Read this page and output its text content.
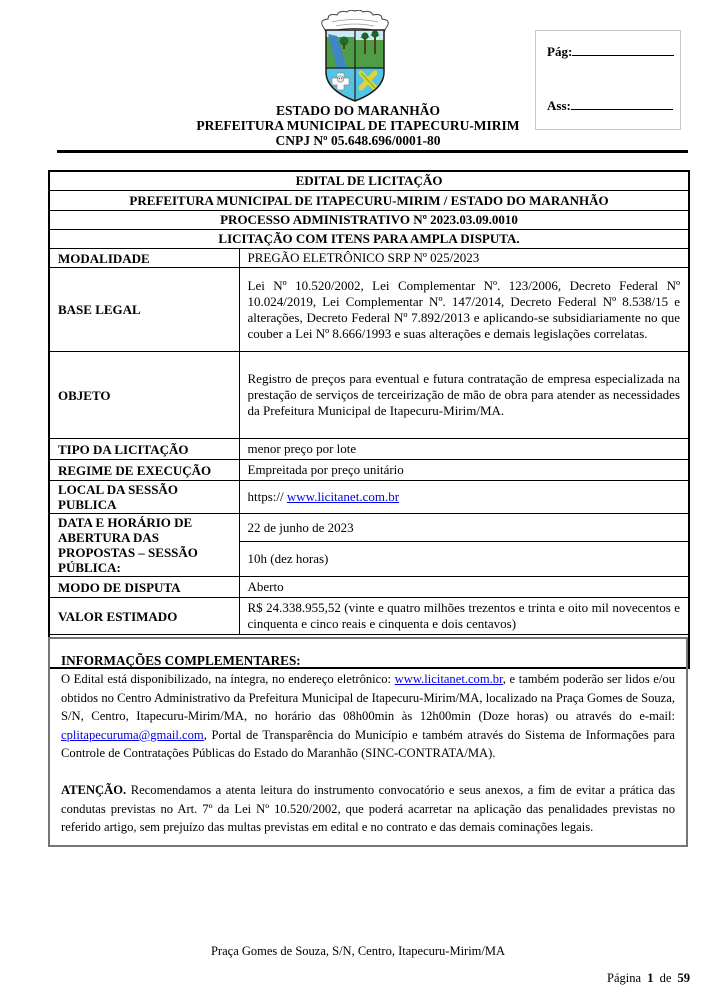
ESTADO DO MARANHÃO
PREFEITURA MUNICIPAL DE ITAPECURU-MIRIM
CNPJ Nº 05.648.696/0001-80
Pág:
Ass:
EDITAL DE LICITAÇÃO	
PREFEITURA MUNICIPAL DE ITAPECURU-MIRIM / ESTADO DO MARANHÃO	
PROCESSO ADMINISTRATIVO Nº 2023.03.09.0010	
LICITAÇÃO COM ITENS PARA AMPLA DISPUTA.	
MODALIDADE	PREGÃO ELETRÔNICO SRP Nº 025/2023
BASE LEGAL	Lei Nº 10.520/2002, Lei Complementar Nº. 123/2006, Decreto Federal Nº 10.024/2019, Lei Complementar Nº. 147/2014, Decreto Federal Nº 8.538/15 e alterações, Decreto Federal Nº 7.892/2013 e aplicando-se subsidiariamente no que couber a Lei Nº 8.666/1993 e suas alterações e demais legislações correlatas.
OBJETO	Registro de preços para eventual e futura contratação de empresa especializada na prestação de serviços de terceirização de mão de obra para atender as necessidades da Prefeitura Municipal de Itapecuru-Mirim/MA.
TIPO DA LICITAÇÃO	menor preço por lote
REGIME DE EXECUÇÃO	Empreitada por preço unitário
LOCAL DA SESSÃO PUBLICA	https:// www.licitanet.com.br
DATA E HORÁRIO DE ABERTURA DAS PROPOSTAS – SESSÃO PÚBLICA:	22 de junho de 2023
	10h (dez horas)
MODO DE DISPUTA	Aberto
VALOR ESTIMADO	R$ 24.338.955,52 (vinte e quatro milhões trezentos e trinta e oito mil novecentos e cinquenta e cinco reais e cinquenta e dois centavos)

INFORMAÇÕES COMPLEMENTARES:

O Edital está disponibilizado, na íntegra, no endereço eletrônico: www.licitanet.com.br, e também poderão ser lidos e/ou obtidos no Centro Administrativo da Prefeitura Municipal de Itapecuru-Mirim/MA, localizado na Praça Gomes de Souza, S/N, Centro, Itapecuru-Mirim/MA, no horário das 08h00min às 12h00min (Doze horas) ou através do e-mail: cplitapecuruma@gmail.com, Portal de Transparência do Município e também através do Sistema de Informações para Controle de Contratações Públicas do Estado do Maranhão (SINC-CONTRATA/MA).

ATENÇÃO. Recomendamos a atenta leitura do instrumento convocatório e seus anexos, a fim de evitar a prática das condutas previstas no Art. 7º da Lei Nº 10.520/2002, que poderá acarretar na aplicação das penalidades previstas no referido artigo, sem prejuízo das multas previstas em edital e no contrato e das demais cominações legais.

Praça Gomes de Souza, S/N, Centro, Itapecuru-Mirim/MA
Página 1 de 59
